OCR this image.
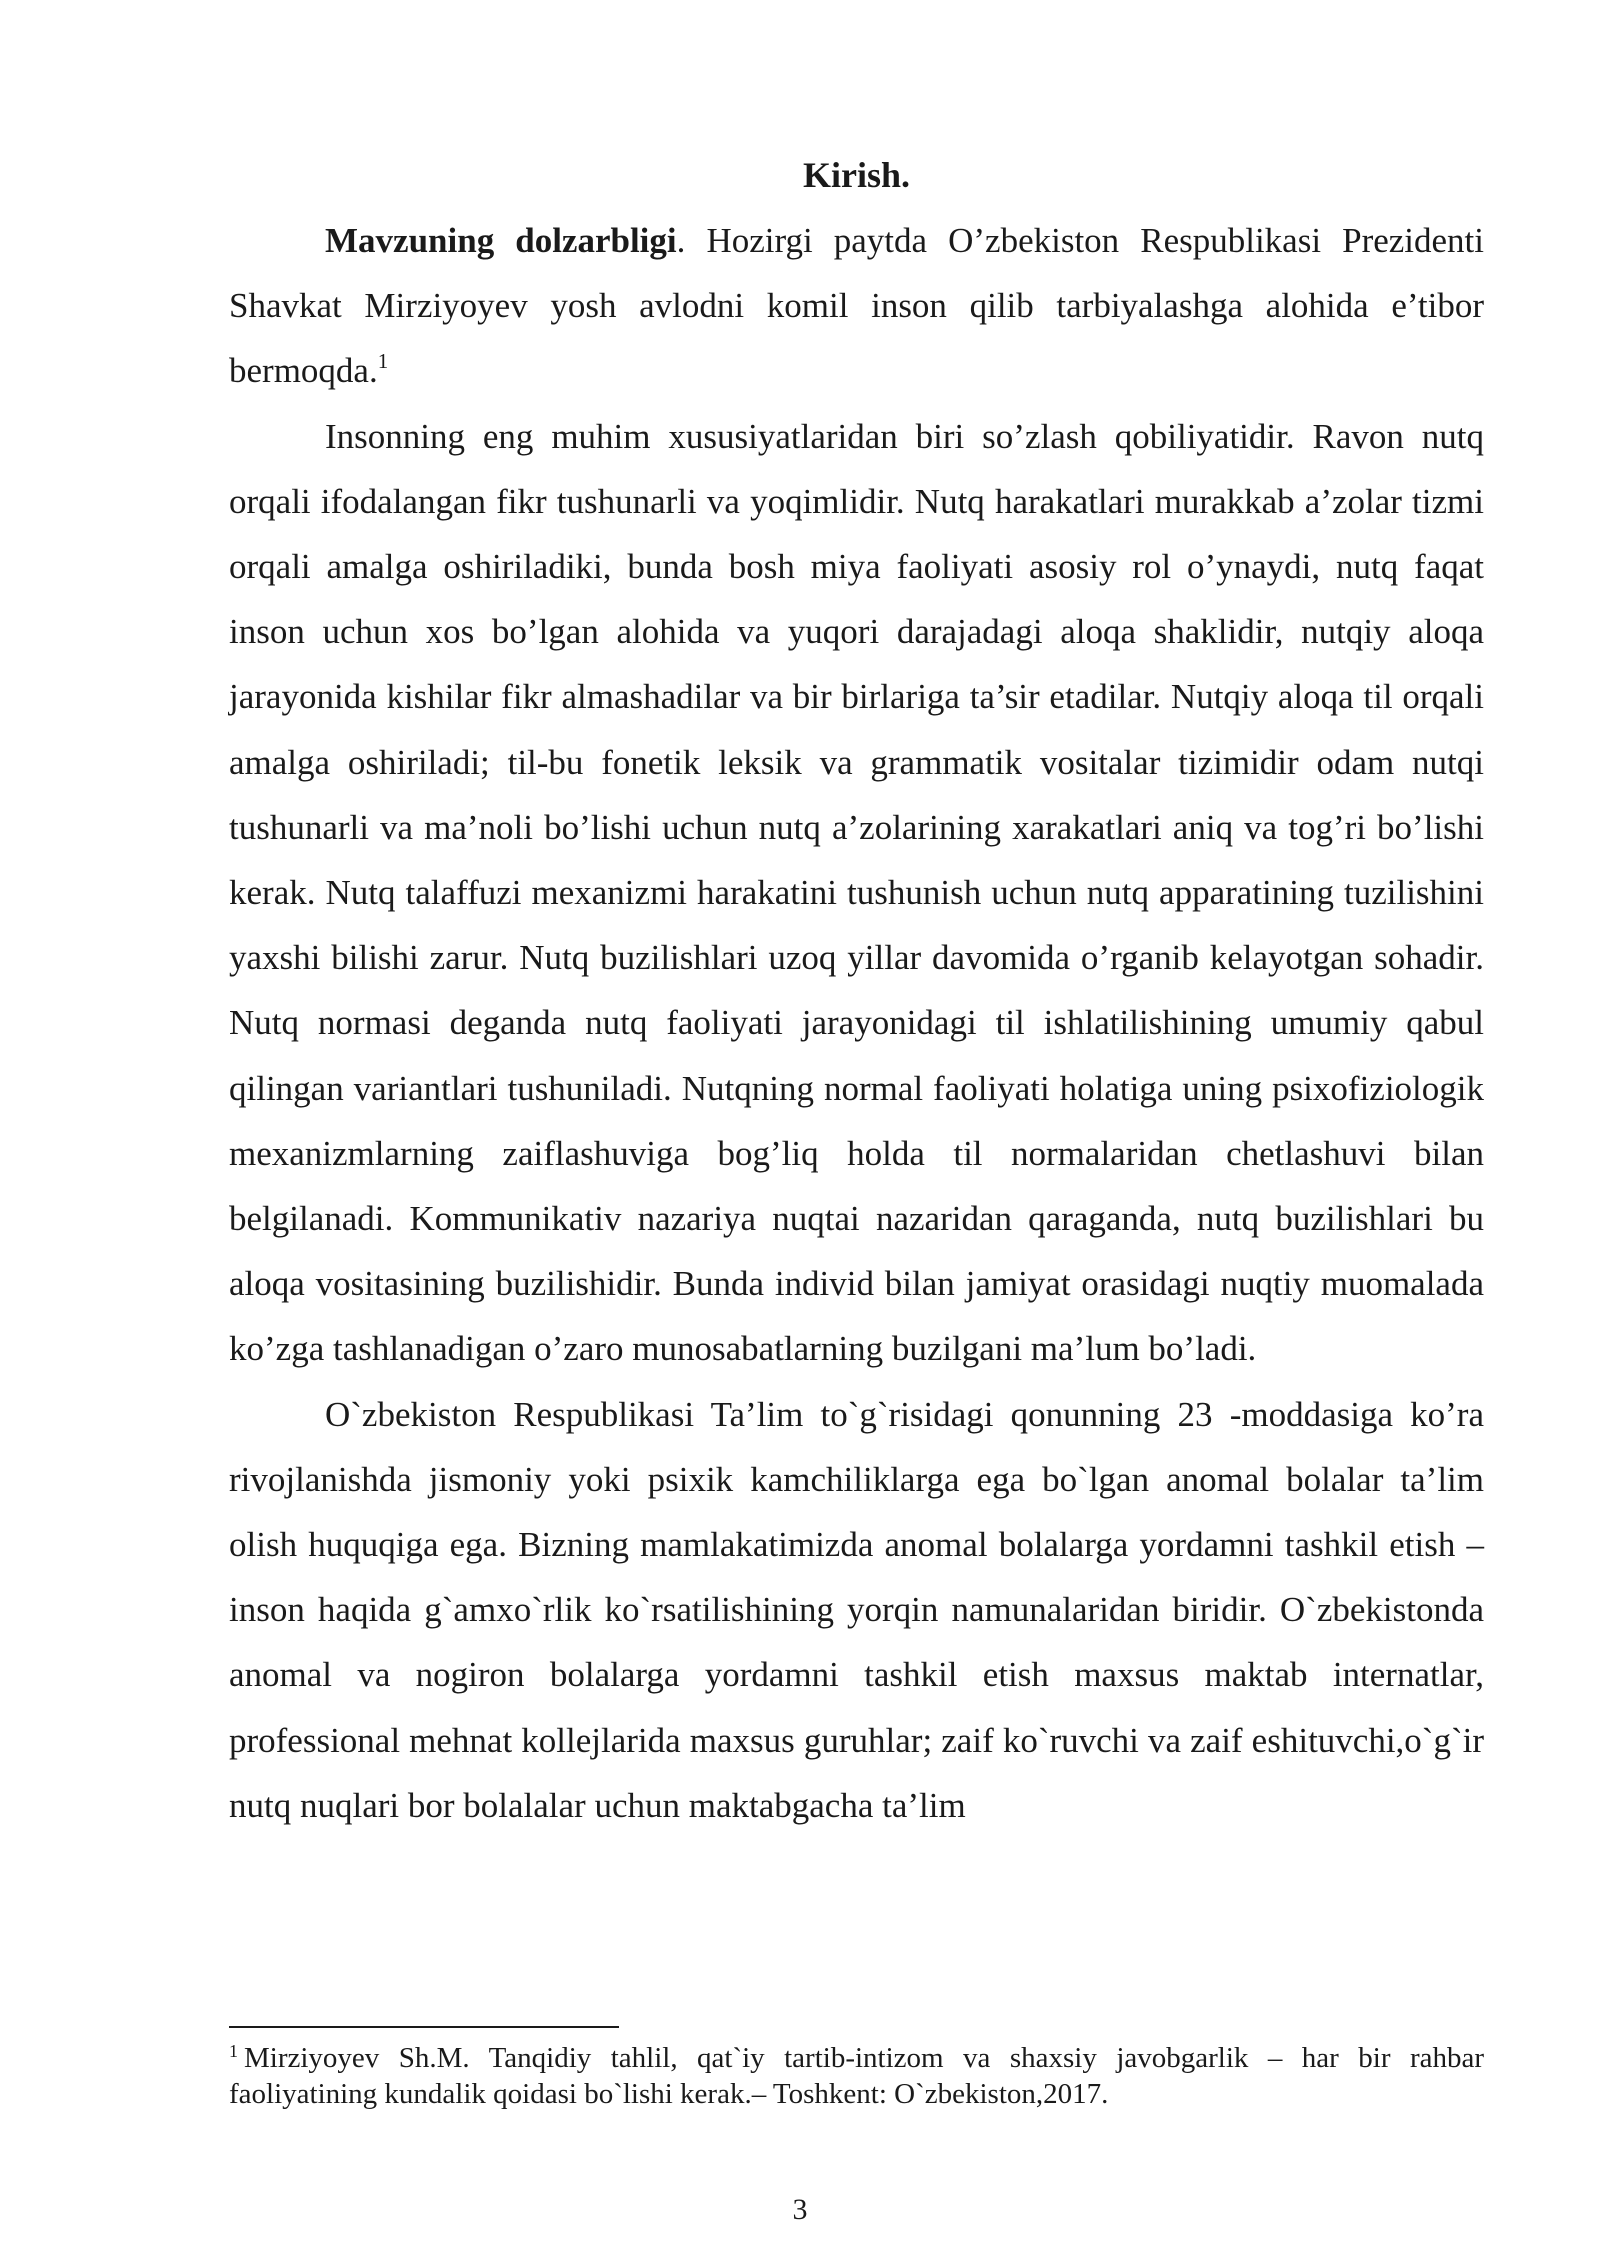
Kirish.

Mavzuning dolzarbligi. Hozirgi paytda O’zbekiston Respublikasi Prezidenti Shavkat Mirziyoyev yosh avlodni komil inson qilib tarbiyalashga alohida e’tibor bermoqda.$^1$

Insonning eng muhim xususiyatlaridan biri so’zlash qobiliyatidir. Ravon nutq orqali ifodalangan fikr tushunarli va yoqimlidir. Nutq harakatlari murakkab a’zolar tizmi orqali amalga oshiriladiki, bunda bosh miya faoliyati asosiy rol o’ynaydi, nutq faqat inson uchun xos bo’lgan alohida va yuqori darajadagi aloqa shaklidir, nutqiy aloqa jarayonida kishilar fikr almashadilar va bir birlariga ta’sir etadilar. Nutqiy aloqa til orqali amalga oshiriladi; til-bu fonetik leksik va grammatik vositalar tizimidir odam nutqi tushunarli va ma’noli bo’lishi uchun nutq a’zolarining xarakatlari aniq va tog’ri bo’lishi kerak. Nutq talaffuzi mexanizmi harakatini tushunish uchun nutq apparatining tuzilishini yaxshi bilishi zarur. Nutq buzilishlari uzoq yillar davomida o’rganib kelayotgan sohadir. Nutq normasi deganda nutq faoliyati jarayonidagi til ishlatilishining umumiy qabul qilingan variantlari tushuniladi. Nutqning normal faoliyati holatiga uning psixofiziologik mexanizmlarning zaiflashuviga bog’liq holda til normalaridan chetlashuvi bilan belgilanadi. Kommunikativ nazariya nuqtai nazaridan qaraganda, nutq buzilishlari bu aloqa vositasining buzilishidir. Bunda individ bilan jamiyat orasidagi nuqtiy muomalada ko’zga tashlanadigan o’zaro munosabatlarning buzilgani ma’lum bo’ladi.

O`zbekiston Respublikasi Ta’lim to`g`risidagi qonunning 23 -moddasiga ko’ra rivojlanishda jismoniy yoki psixik kamchiliklarga ega bo`lgan anomal bolalar ta’lim olish huquqiga ega. Bizning mamlakatimizda anomal bolalarga yordamni tashkil etish – inson haqida g`amxo`rlik ko`rsatilishining yorqin namunalaridan biridir. O`zbekistonda anomal va nogiron bolalarga yordamni tashkil etish maxsus maktab internatlar, professional mehnat kollejlarida maxsus guruhlar; zaif ko`ruvchi va zaif eshituvchi,o`g`ir nutq nuqlari bor bolalalar uchun maktabgacha ta’lim

$^1$ Mirziyoyev Sh.M. Tanqidiy tahlil, qat`iy tartib-intizom va shaxsiy javobgarlik – har bir rahbar faoliyatining kundalik qoidasi bo`lishi kerak.– Toshkent: O`zbekiston,2017.
3
